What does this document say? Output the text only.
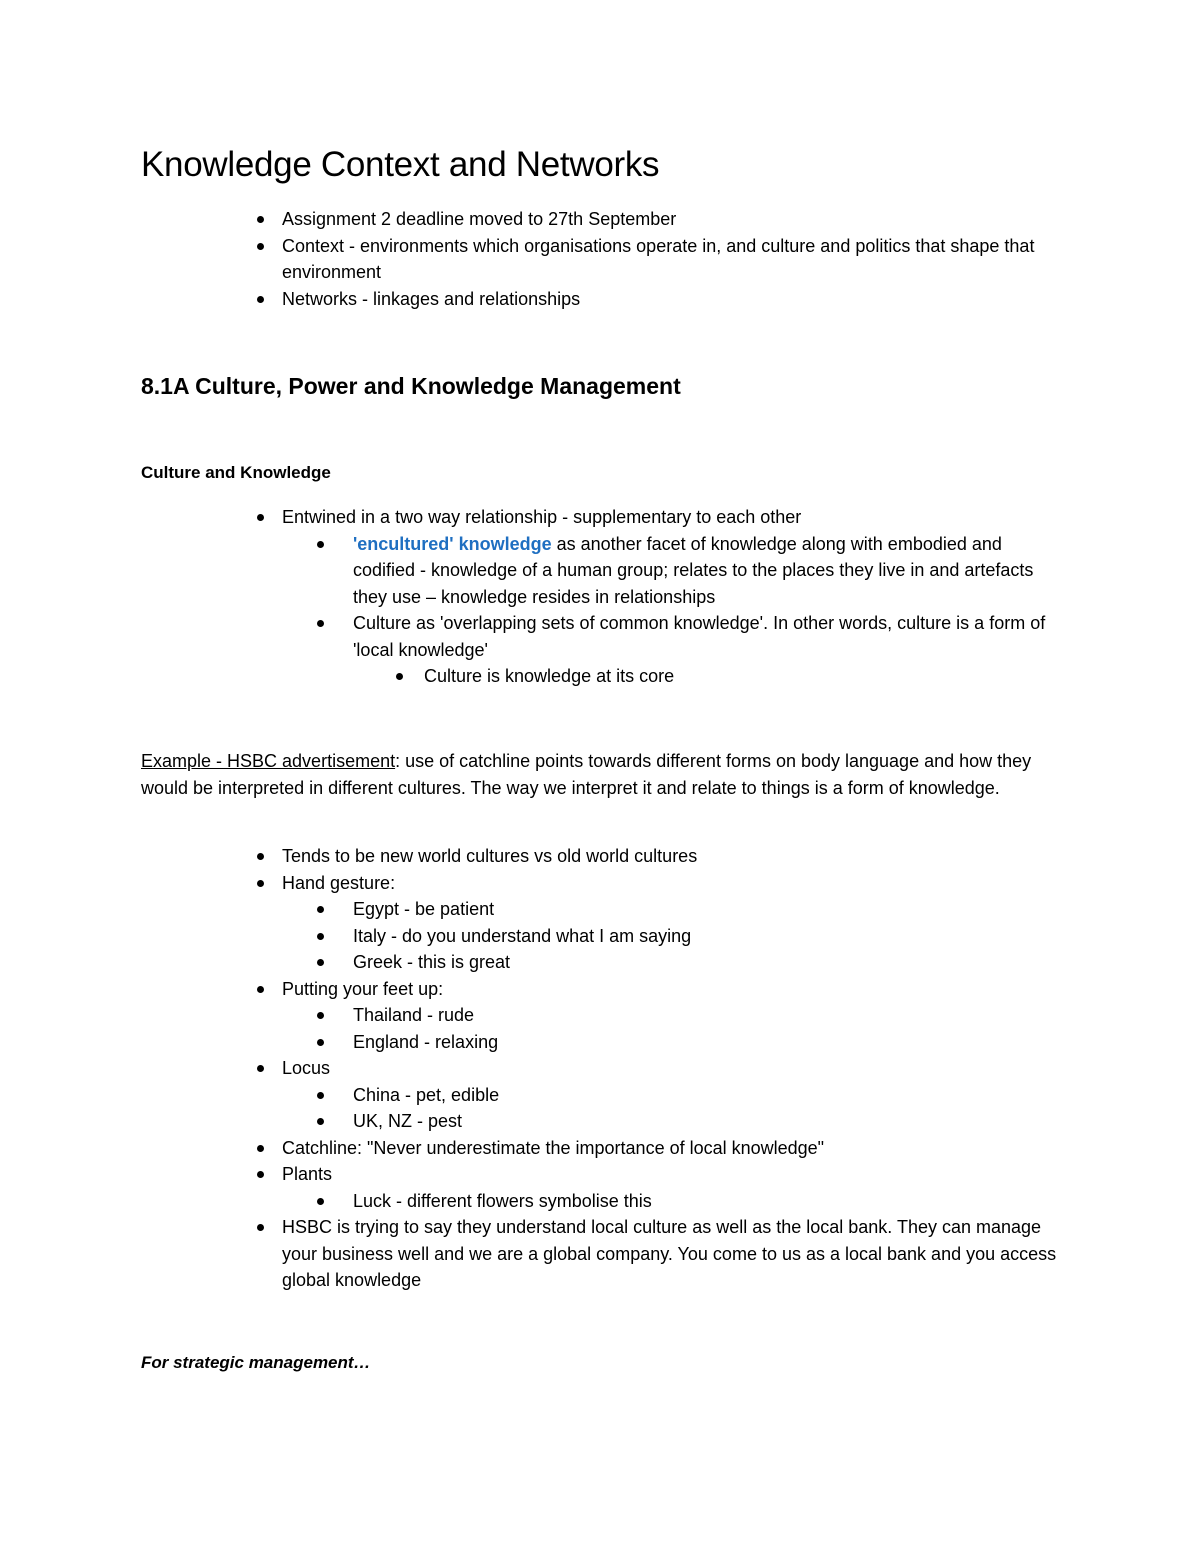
Knowledge Context and Networks
Assignment 2 deadline moved to 27th September
Context - environments which organisations operate in, and culture and politics that shape that environment
Networks - linkages and relationships
8.1A Culture, Power and Knowledge Management
Culture and Knowledge
Entwined in a two way relationship - supplementary to each other
'encultured' knowledge as another facet of knowledge along with embodied and codified - knowledge of a human group; relates to the places they live in and artefacts they use – knowledge resides in relationships
Culture as 'overlapping sets of common knowledge'. In other words, culture is a form of 'local knowledge'
Culture is knowledge at its core

Example - HSBC advertisement: use of catchline points towards different forms on body language and how they would be interpreted in different cultures. The way we interpret it and relate to things is a form of knowledge.

Tends to be new world cultures vs old world cultures
Hand gesture:
Egypt - be patient
Italy - do you understand what I am saying
Greek - this is great
Putting your feet up:
Thailand - rude
England - relaxing
Locus
China - pet, edible
UK, NZ - pest
Catchline: "Never underestimate the importance of local knowledge"
Plants
Luck - different flowers symbolise this
HSBC is trying to say they understand local culture as well as the local bank. They can manage your business well and we are a global company. You come to us as a local bank and you access global knowledge

For strategic management…
